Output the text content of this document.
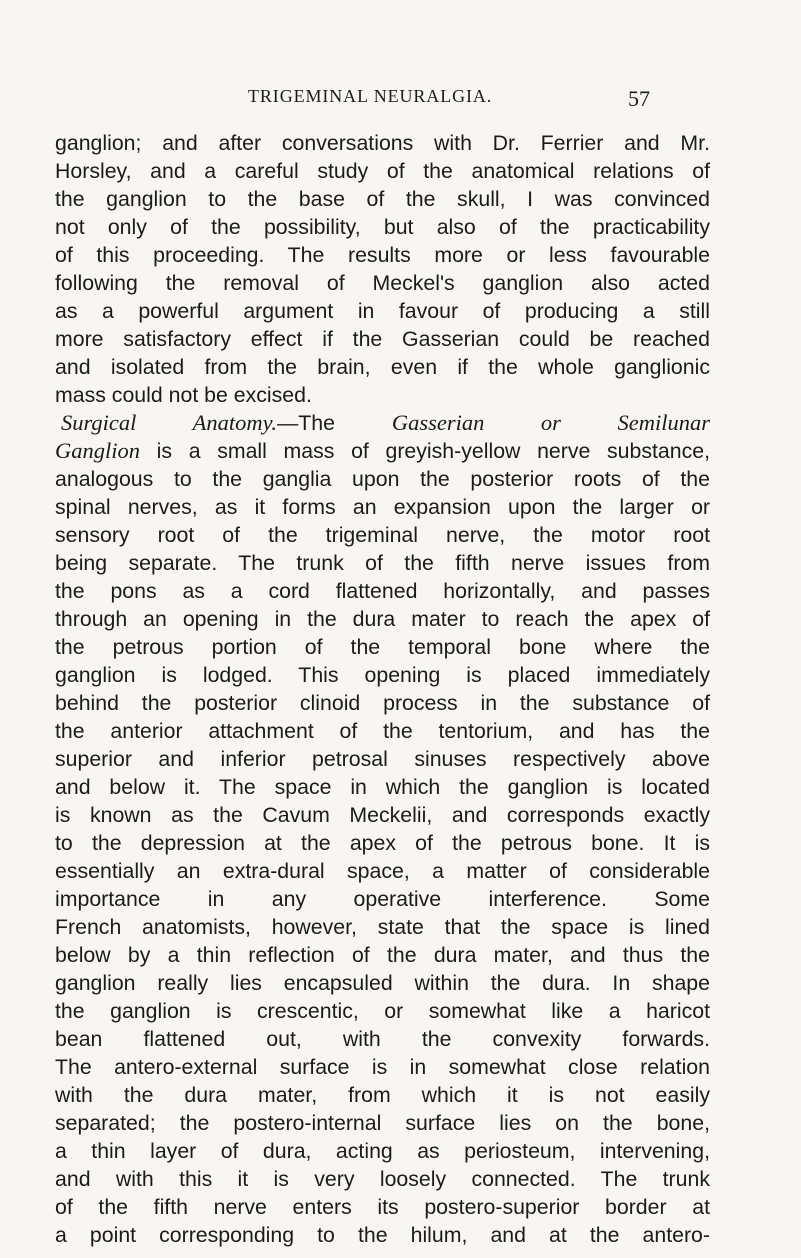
TRIGEMINAL NEURALGIA.	57
ganglion; and after conversations with Dr. Ferrier and Mr.
Horsley, and a careful study of the anatomical relations of
the ganglion to the base of the skull, I was convinced
not only of the possibility, but also of the practicability
of this proceeding. The results more or less favourable
following the removal of Meckel's ganglion also acted
as a powerful argument in favour of producing a still
more satisfactory effect if the Gasserian could be reached
and isolated from the brain, even if the whole ganglionic
mass could not be excised.
Surgical Anatomy.—The Gasserian or Semilunar
Ganglion is a small mass of greyish-yellow nerve substance,
analogous to the ganglia upon the posterior roots of the
spinal nerves, as it forms an expansion upon the larger or
sensory root of the trigeminal nerve, the motor root
being separate. The trunk of the fifth nerve issues from
the pons as a cord flattened horizontally, and passes
through an opening in the dura mater to reach the apex of
the petrous portion of the temporal bone where the
ganglion is lodged. This opening is placed immediately
behind the posterior clinoid process in the substance of
the anterior attachment of the tentorium, and has the
superior and inferior petrosal sinuses respectively above
and below it. The space in which the ganglion is located
is known as the Cavum Meckelii, and corresponds exactly
to the depression at the apex of the petrous bone. It is
essentially an extra-dural space, a matter of considerable
importance in any operative interference. Some
French anatomists, however, state that the space is lined
below by a thin reflection of the dura mater, and thus the
ganglion really lies encapsuled within the dura. In shape
the ganglion is crescentic, or somewhat like a haricot
bean flattened out, with the convexity forwards.
The antero-external surface is in somewhat close relation
with the dura mater, from which it is not easily
separated; the postero-internal surface lies on the bone,
a thin layer of dura, acting as periosteum, intervening,
and with this it is very loosely connected. The trunk
of the fifth nerve enters its postero-superior border at
a point corresponding to the hilum, and at the antero-
